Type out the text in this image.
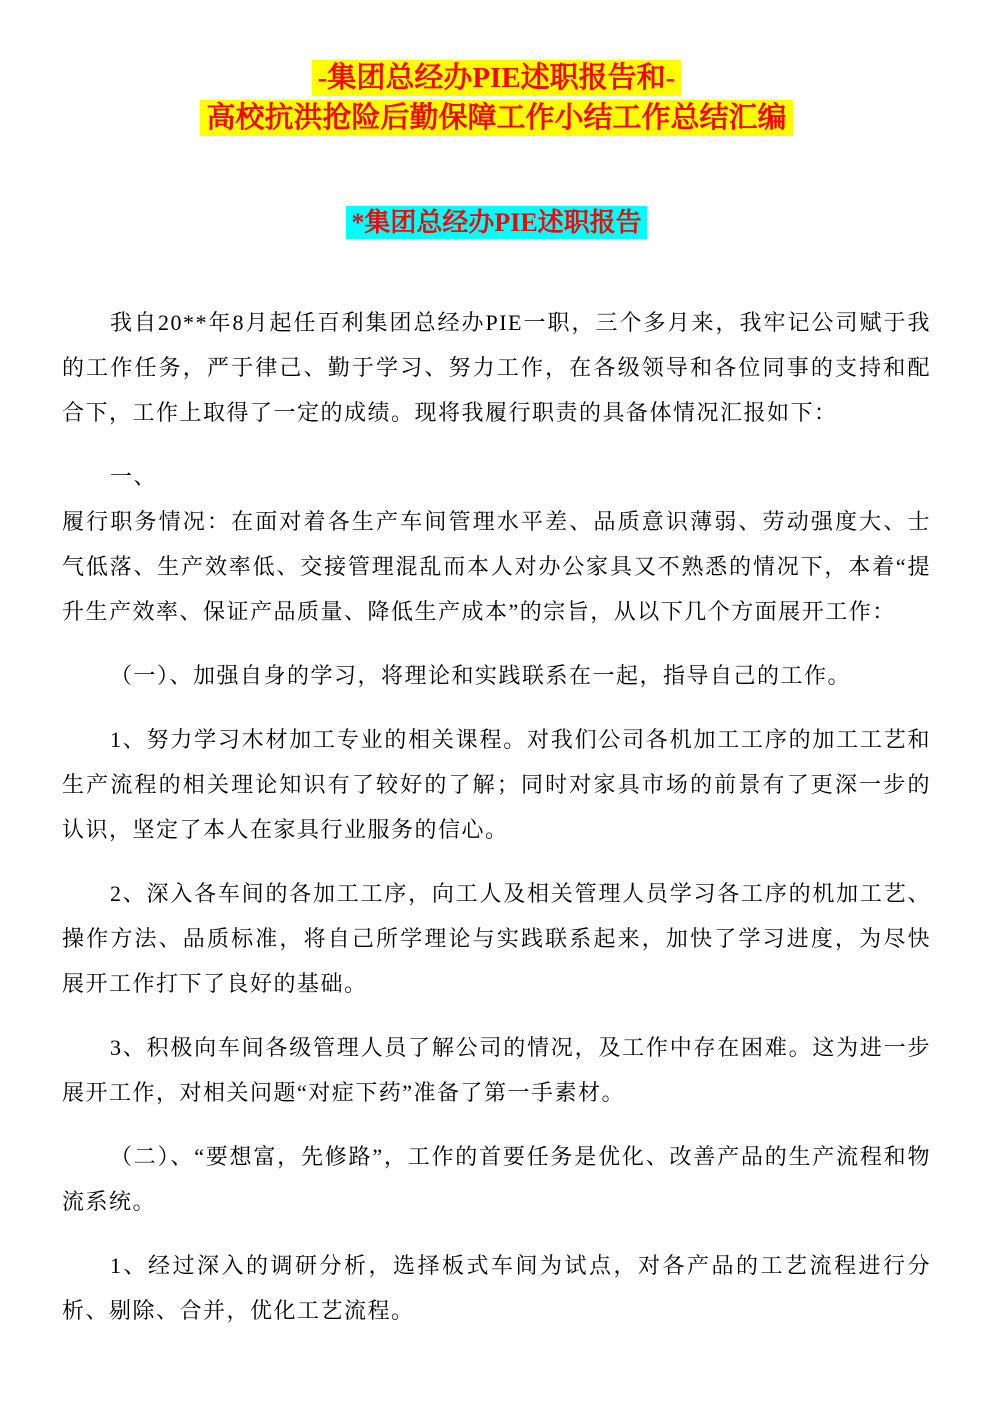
-集团总经办PIE述职报告和-
高校抗洪抢险后勤保障工作小结工作总结汇编
*集团总经办PIE述职报告

我自20**年8月起任百利集团总经办PIE一职，三个多月来，我牢记公司赋于我的工作任务，严于律己、勤于学习、努力工作，在各级领导和各位同事的支持和配合下，工作上取得了一定的成绩。现将我履行职责的具备体情况汇报如下：

一、

履行职务情况：在面对着各生产车间管理水平差、品质意识薄弱、劳动强度大、士气低落、生产效率低、交接管理混乱而本人对办公家具又不熟悉的情况下，本着“提升生产效率、保证产品质量、降低生产成本”的宗旨，从以下几个方面展开工作：

（一）、加强自身的学习，将理论和实践联系在一起，指导自己的工作。

1、努力学习木材加工专业的相关课程。对我们公司各机加工工序的加工工艺和生产流程的相关理论知识有了较好的了解；同时对家具市场的前景有了更深一步的认识，坚定了本人在家具行业服务的信心。

2、深入各车间的各加工工序，向工人及相关管理人员学习各工序的机加工艺、操作方法、品质标准，将自己所学理论与实践联系起来，加快了学习进度，为尽快展开工作打下了良好的基础。

3、积极向车间各级管理人员了解公司的情况，及工作中存在困难。这为进一步展开工作，对相关问题“对症下药”准备了第一手素材。

（二）、“要想富，先修路”，工作的首要任务是优化、改善产品的生产流程和物流系统。

1、经过深入的调研分析，选择板式车间为试点，对各产品的工艺流程进行分析、剔除、合并，优化工艺流程。
